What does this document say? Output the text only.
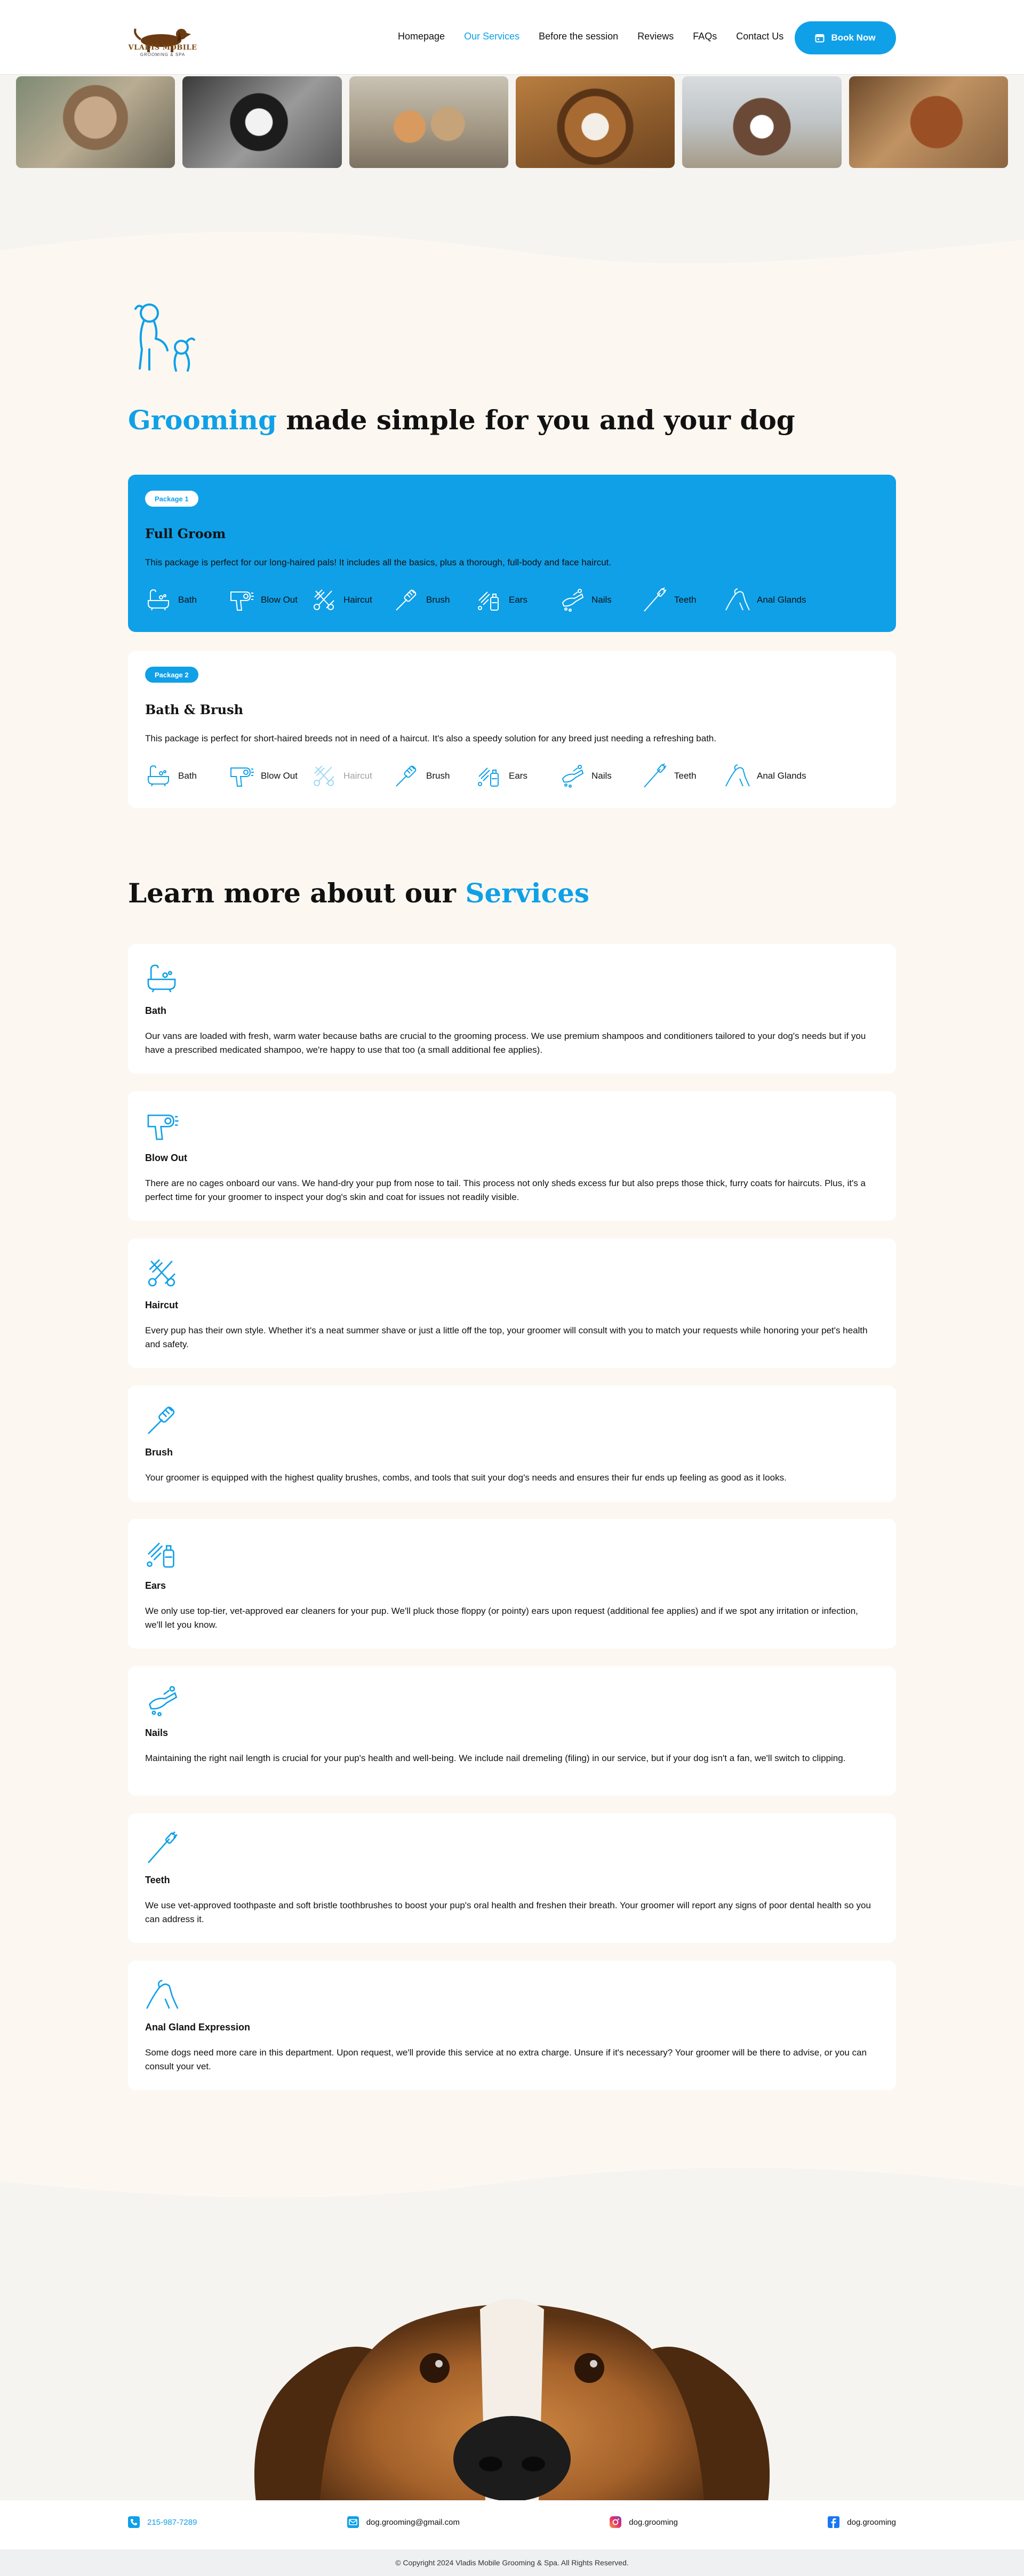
VLADIS MOBILE
GROOMING & SPA
Homepage Our Services Before the session Reviews FAQs Contact Us	Book Now
Grooming made simple for you and your dog
Package 1
Full Groom
This package is perfect for our long-haired pals! It includes all the basics, plus a thorough, full-body and face haircut.
Bath	Blow Out	Haircut	Brush	Ears	Nails	Teeth	Anal Glands
Package 2
Bath & Brush
This package is perfect for short-haired breeds not in need of a haircut. It's also a speedy solution for any breed just needing a refreshing bath.
Bath	Blow Out	Haircut	Brush	Ears	Nails	Teeth	Anal Glands
Learn more about our Services
Bath
Our vans are loaded with fresh, warm water because baths are crucial to the grooming process. We use premium shampoos and conditioners tailored to your dog's needs but if you have a prescribed medicated shampoo, we're happy to use that too (a small additional fee applies).
Blow Out
There are no cages onboard our vans. We hand-dry your pup from nose to tail. This process not only sheds excess fur but also preps those thick, furry coats for haircuts. Plus, it's a perfect time for your groomer to inspect your dog's skin and coat for issues not readily visible.
Haircut
Every pup has their own style. Whether it's a neat summer shave or just a little off the top, your groomer will consult with you to match your requests while honoring your pet's health and safety.
Brush
Your groomer is equipped with the highest quality brushes, combs, and tools that suit your dog's needs and ensures their fur ends up feeling as good as it looks.
Ears
We only use top-tier, vet-approved ear cleaners for your pup. We'll pluck those floppy (or pointy) ears upon request (additional fee applies) and if we spot any irritation or infection, we'll let you know.
Nails
Maintaining the right nail length is crucial for your pup's health and well-being. We include nail dremeling (filing) in our service, but if your dog isn't a fan, we'll switch to clipping.
Teeth
We use vet-approved toothpaste and soft bristle toothbrushes to boost your pup's oral health and freshen their breath. Your groomer will report any signs of poor dental health so you can address it.
Anal Gland Expression
Some dogs need more care in this department. Upon request, we'll provide this service at no extra charge. Unsure if it's necessary? Your groomer will be there to advise, or you can consult your vet.
215-987-7289	dog.grooming@gmail.com	dog.grooming	dog.grooming
© Copyright 2024 Vladis Mobile Grooming & Spa. All Rights Reserved.
